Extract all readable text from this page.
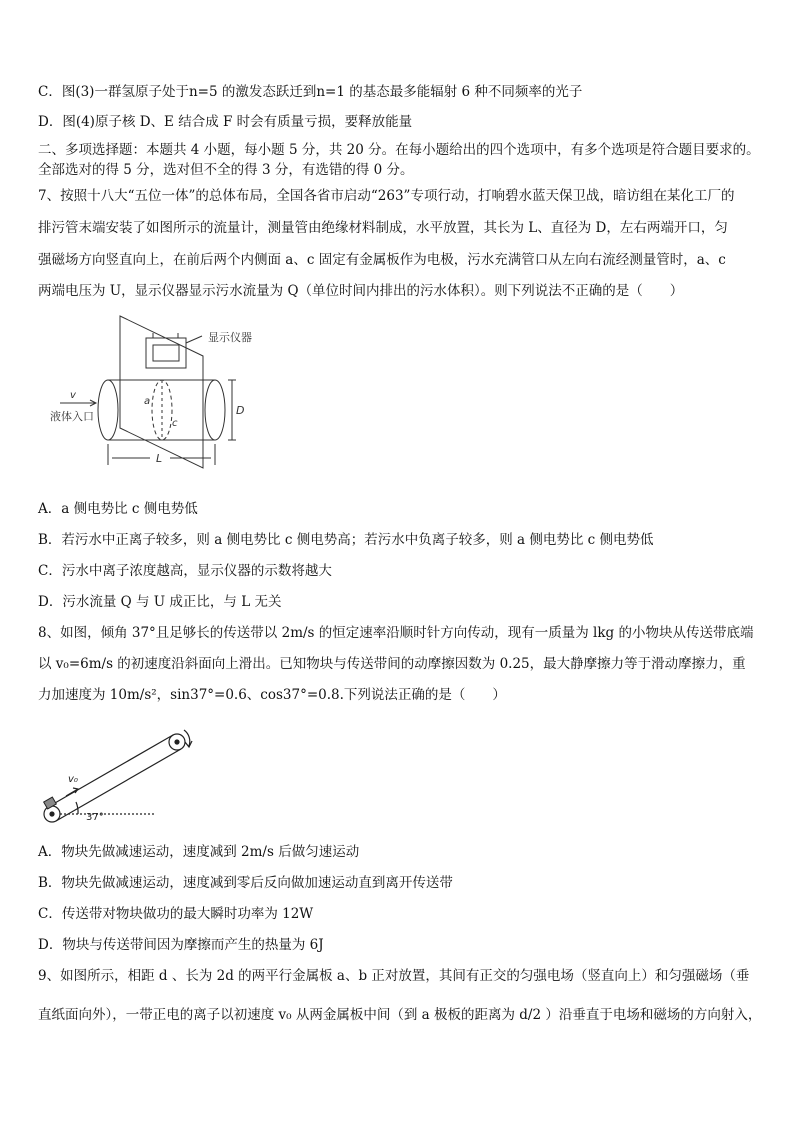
C．图(3)一群氢原子处于n=5 的激发态跃迁到n=1 的基态最多能辐射 6 种不同频率的光子
D．图(4)原子核 D、E 结合成 F 时会有质量亏损，要释放能量
二、多项选择题：本题共 4 小题，每小题 5 分，共 20 分。在每小题给出的四个选项中，有多个选项是符合题目要求的。
全部选对的得 5 分，选对但不全的得 3 分，有选错的得 0 分。
7、按照十八大“五位一体”的总体布局，全国各省市启动“263”专项行动，打响碧水蓝天保卫战，暗访组在某化工厂的
排污管末端安装了如图所示的流量计，测量管由绝缘材料制成，水平放置，其长为 L、直径为 D，左右两端开口，匀
强磁场方向竖直向上，在前后两个内侧面 a、c 固定有金属板作为电极，污水充满管口从左向右流经测量管时，a、c
两端电压为 U，显示仪器显示污水流量为 Q（单位时间内排出的污水体积）。则下列说法不正确的是（　　）
显示仪器
v
液体入口
a
c
D
L
A．a 侧电势比 c 侧电势低
B．若污水中正离子较多，则 a 侧电势比 c 侧电势高；若污水中负离子较多，则 a 侧电势比 c 侧电势低
C．污水中离子浓度越高，显示仪器的示数将越大
D．污水流量 Q 与 U 成正比，与 L 无关
8、如图，倾角 37°且足够长的传送带以 2m/s 的恒定速率沿顺时针方向传动，现有一质量为 lkg 的小物块从传送带底端
以 v₀=6m/s 的初速度沿斜面向上滑出。已知物块与传送带间的动摩擦因数为 0.25，最大静摩擦力等于滑动摩擦力，重
力加速度为 10m/s²，sin37°=0.6、cos37°=0.8.下列说法正确的是（　　）
v₀
37°
A．物块先做减速运动，速度减到 2m/s 后做匀速运动
B．物块先做减速运动，速度减到零后反向做加速运动直到离开传送带
C．传送带对物块做功的最大瞬时功率为 12W
D．物块与传送带间因为摩擦而产生的热量为 6J
9、如图所示，相距 d 、长为 2d 的两平行金属板 a、b 正对放置，其间有正交的匀强电场（竖直向上）和匀强磁场（垂
直纸面向外），一带正电的离子以初速度 v₀ 从两金属板中间（到 a 极板的距离为 d/2 ）沿垂直于电场和磁场的方向射入，
